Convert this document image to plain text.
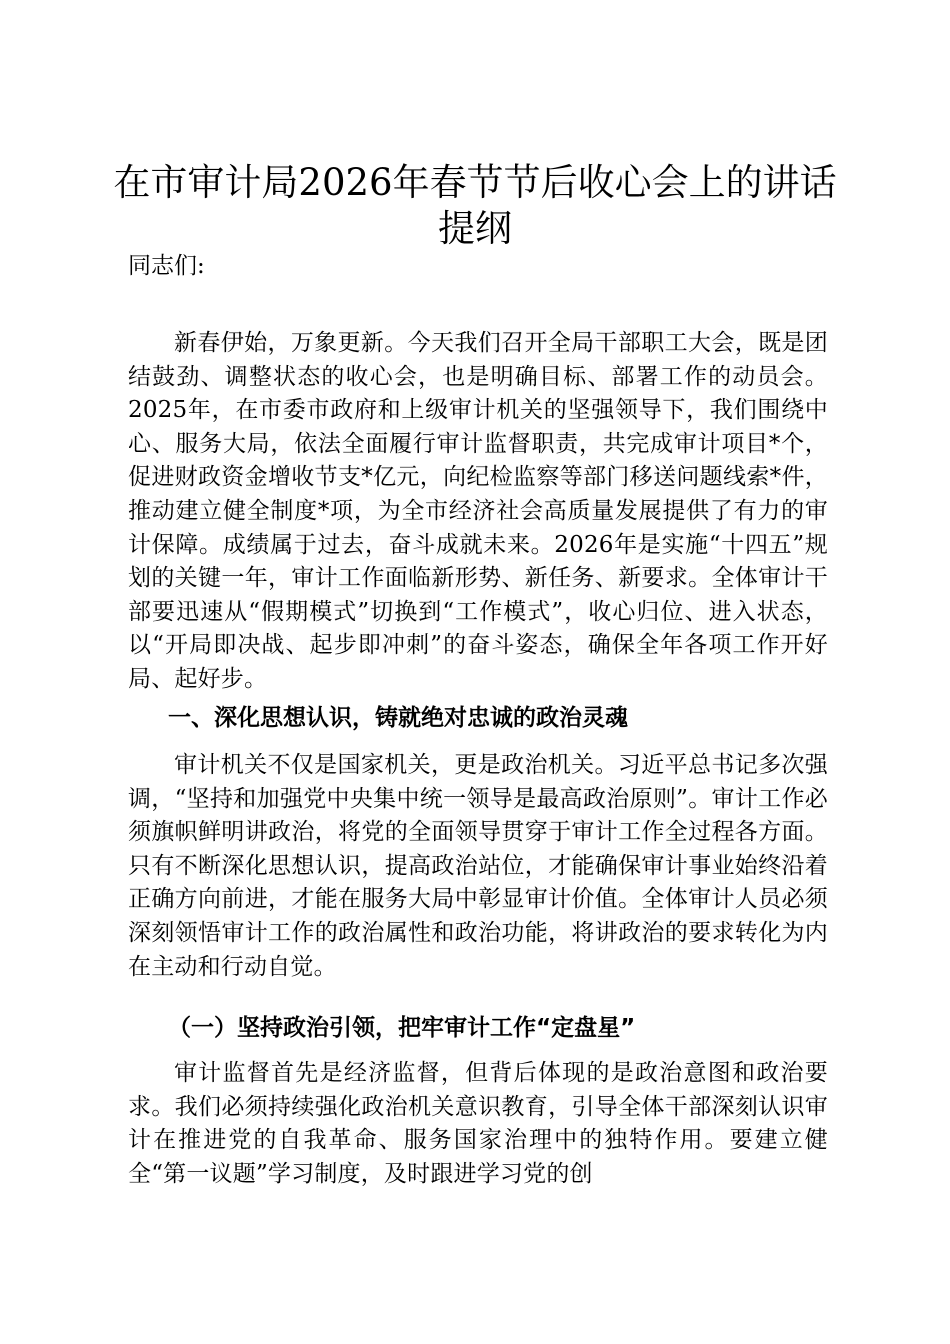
在市审计局2026年春节节后收心会上的讲话
提纲

同志们:

新春伊始，万象更新。今天我们召开全局干部职工大会，既是团结鼓劲、调整状态的收心会，也是明确目标、部署工作的动员会。2025年，在市委市政府和上级审计机关的坚强领导下，我们围绕中心、服务大局，依法全面履行审计监督职责，共完成审计项目*个，促进财政资金增收节支*亿元，向纪检监察等部门移送问题线索*件，推动建立健全制度*项，为全市经济社会高质量发展提供了有力的审计保障。成绩属于过去，奋斗成就未来。2026年是实施“十四五”规划的关键一年，审计工作面临新形势、新任务、新要求。全体审计干部要迅速从“假期模式”切换到“工作模式”，收心归位、进入状态，以“开局即决战、起步即冲刺”的奋斗姿态，确保全年各项工作开好局、起好步。

一、深化思想认识，铸就绝对忠诚的政治灵魂

审计机关不仅是国家机关，更是政治机关。习近平总书记多次强调，“坚持和加强党中央集中统一领导是最高政治原则”。审计工作必须旗帜鲜明讲政治，将党的全面领导贯穿于审计工作全过程各方面。只有不断深化思想认识，提高政治站位，才能确保审计事业始终沿着正确方向前进，才能在服务大局中彰显审计价值。全体审计人员必须深刻领悟审计工作的政治属性和政治功能，将讲政治的要求转化为内在主动和行动自觉。

（一）坚持政治引领，把牢审计工作“定盘星”

审计监督首先是经济监督，但背后体现的是政治意图和政治要求。我们必须持续强化政治机关意识教育，引导全体干部深刻认识审计在推进党的自我革命、服务国家治理中的独特作用。要建立健全“第一议题”学习制度，及时跟进学习党的创
